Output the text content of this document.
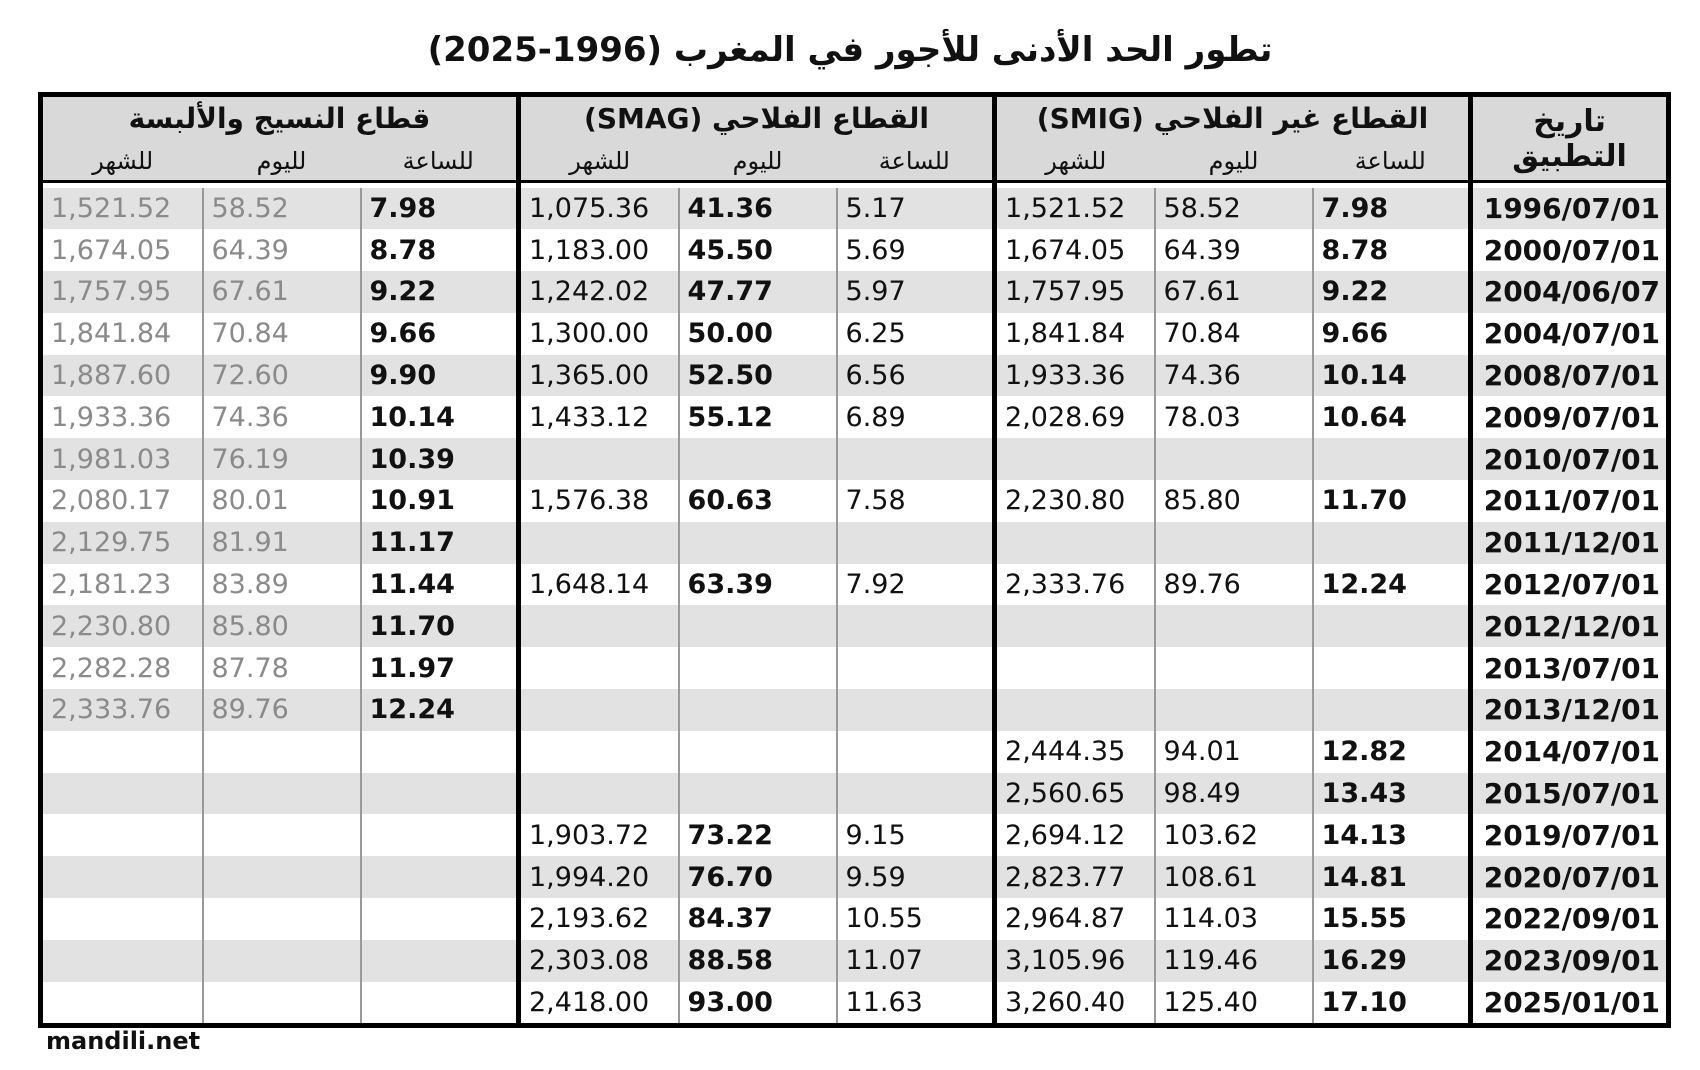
تطور الحد الأدنى للأجور في المغرب (1996-2025)
تاريخ التطبيق	القطاع غير الفلاحي (SMIG)			القطاع الفلاحي (SMAG)			قطاع النسيج والألبسة		
	للساعة	لليوم	للشهر	للساعة	لليوم	للشهر	للساعة	لليوم	للشهر

1996/07/01	7.98	58.52	1,521.52	5.17	41.36	1,075.36	7.98	58.52	1,521.52
2000/07/01	8.78	64.39	1,674.05	5.69	45.50	1,183.00	8.78	64.39	1,674.05
2004/06/07	9.22	67.61	1,757.95	5.97	47.77	1,242.02	9.22	67.61	1,757.95
2004/07/01	9.66	70.84	1,841.84	6.25	50.00	1,300.00	9.66	70.84	1,841.84
2008/07/01	10.14	74.36	1,933.36	6.56	52.50	1,365.00	9.90	72.60	1,887.60
2009/07/01	10.64	78.03	2,028.69	6.89	55.12	1,433.12	10.14	74.36	1,933.36
2010/07/01							10.39	76.19	1,981.03
2011/07/01	11.70	85.80	2,230.80	7.58	60.63	1,576.38	10.91	80.01	2,080.17
2011/12/01							11.17	81.91	2,129.75
2012/07/01	12.24	89.76	2,333.76	7.92	63.39	1,648.14	11.44	83.89	2,181.23
2012/12/01							11.70	85.80	2,230.80
2013/07/01							11.97	87.78	2,282.28
2013/12/01							12.24	89.76	2,333.76
2014/07/01	12.82	94.01	2,444.35						
2015/07/01	13.43	98.49	2,560.65						
2019/07/01	14.13	103.62	2,694.12	9.15	73.22	1,903.72			
2020/07/01	14.81	108.61	2,823.77	9.59	76.70	1,994.20			
2022/09/01	15.55	114.03	2,964.87	10.55	84.37	2,193.62			
2023/09/01	16.29	119.46	3,105.96	11.07	88.58	2,303.08			
2025/01/01	17.10	125.40	3,260.40	11.63	93.00	2,418.00			
mandili.net
